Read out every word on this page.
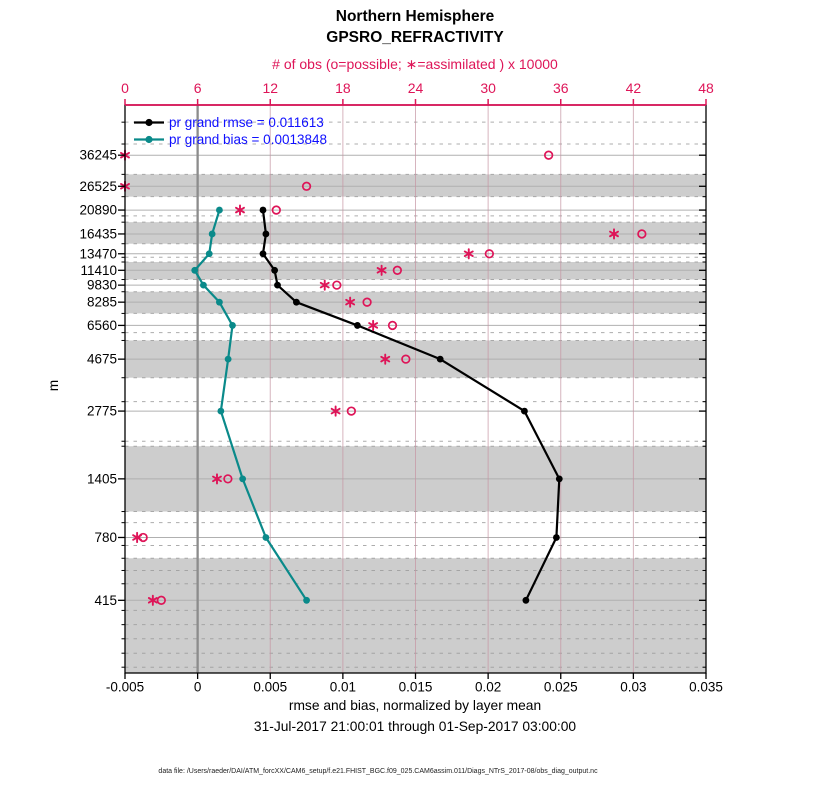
Northern Hemisphere
GPSRO_REFRACTIVITY
# of obs (o=possible; ∗=assimilated ) x 10000
m
-0.005	0	0.005	0.01	0.015	0.02	0.025	0.03	0.035
0	6	12	18	24	30	36	42	48
36245
26525
20890
16435
13470
11410
9830
8285
6560
4675
2775
1405
780
415
pr grand rmse = 0.011613
pr grand bias = 0.0013848
rmse and bias, normalized by layer mean
31-Jul-2017 21:00:01 through 01-Sep-2017 03:00:00
data file: /Users/raeder/DAI/ATM_forcXX/CAM6_setup/f.e21.FHIST_BGC.f09_025.CAM6assim.011/Diags_NTrS_2017-08/obs_diag_output.nc
